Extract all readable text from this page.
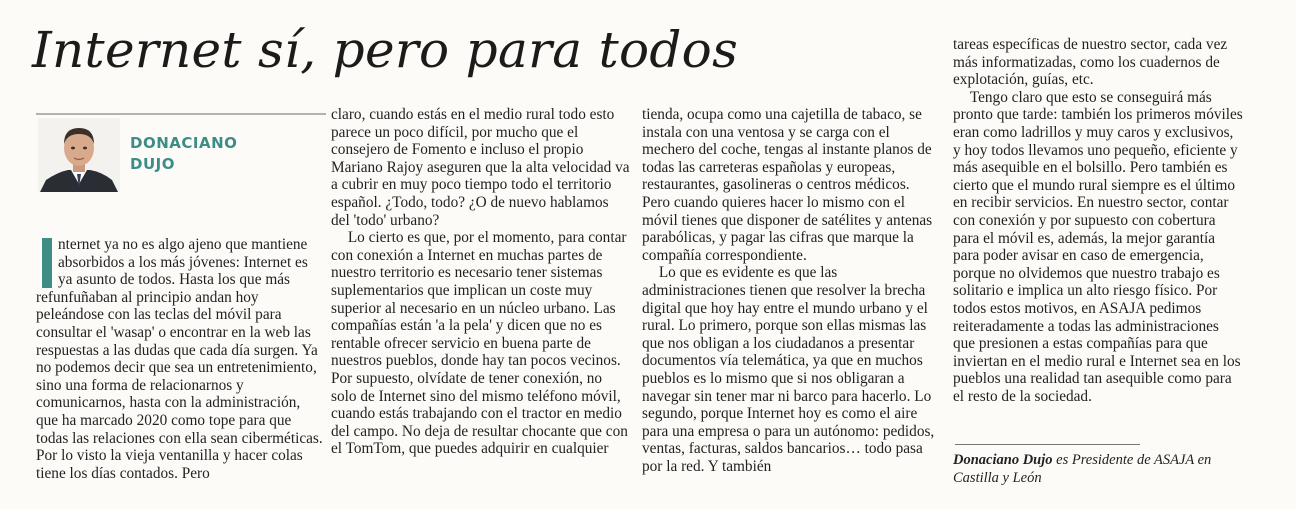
Internet sí, pero para todos
DONACIANO
DUJO

nternet ya no es algo ajeno que mantiene absorbidos a los más jóvenes: Internet es ya asunto de todos. Hasta los que más refunfuñaban al principio andan hoy peleándose con las teclas del móvil para consultar el 'wasap' o encontrar en la web las respuestas a las dudas que cada día surgen. Ya no podemos decir que sea un entretenimiento, sino una forma de relacionarnos y comunicarnos, hasta con la administración, que ha marcado 2020 como tope para que todas las relaciones con ella sean ciberméticas. Por lo visto la vieja ventanilla y hacer colas tiene los días contados. Pero

claro, cuando estás en el medio rural todo esto parece un poco difícil, por mucho que el consejero de Fomento e incluso el propio Mariano Rajoy aseguren que la alta velocidad va a cubrir en muy poco tiempo todo el territorio español. ¿Todo, todo? ¿O de nuevo hablamos del 'todo' urbano?

Lo cierto es que, por el momento, para contar con conexión a Internet en muchas partes de nuestro territorio es necesario tener sistemas suplementarios que implican un coste muy superior al necesario en un núcleo urbano. Las compañías están 'a la pela' y dicen que no es rentable ofrecer servicio en buena parte de nuestros pueblos, donde hay tan pocos vecinos. Por supuesto, olvídate de tener conexión, no solo de Internet sino del mismo teléfono móvil, cuando estás trabajando con el tractor en medio del campo. No deja de resultar chocante que con el TomTom, que puedes adquirir en cualquier

tienda, ocupa como una cajetilla de tabaco, se instala con una ventosa y se carga con el mechero del coche, tengas al instante planos de todas las carreteras españolas y europeas, restaurantes, gasolineras o centros médicos. Pero cuando quieres hacer lo mismo con el móvil tienes que disponer de satélites y antenas parabólicas, y pagar las cifras que marque la compañía correspondiente.

Lo que es evidente es que las administraciones tienen que resolver la brecha digital que hoy hay entre el mundo urbano y el rural. Lo primero, porque son ellas mismas las que nos obligan a los ciudadanos a presentar documentos vía telemática, ya que en muchos pueblos es lo mismo que si nos obligaran a navegar sin tener mar ni barco para hacerlo. Lo segundo, porque Internet hoy es como el aire para una empresa o para un autónomo: pedidos, ventas, facturas, saldos bancarios… todo pasa por la red. Y también

tareas específicas de nuestro sector, cada vez más informatizadas, como los cuadernos de explotación, guías, etc.

Tengo claro que esto se conseguirá más pronto que tarde: también los primeros móviles eran como ladrillos y muy caros y exclusivos, y hoy todos llevamos uno pequeño, eficiente y más asequible en el bolsillo. Pero también es cierto que el mundo rural siempre es el último en recibir servicios. En nuestro sector, contar con conexión y por supuesto con cobertura para el móvil es, además, la mejor garantía para poder avisar en caso de emergencia, porque no olvidemos que nuestro trabajo es solitario e implica un alto riesgo físico. Por todos estos motivos, en ASAJA pedimos reiteradamente a todas las administraciones que presionen a estas compañías para que inviertan en el medio rural e Internet sea en los pueblos una realidad tan asequible como para el resto de la sociedad.

Donaciano Dujo es Presidente de ASAJA en Castilla y León
